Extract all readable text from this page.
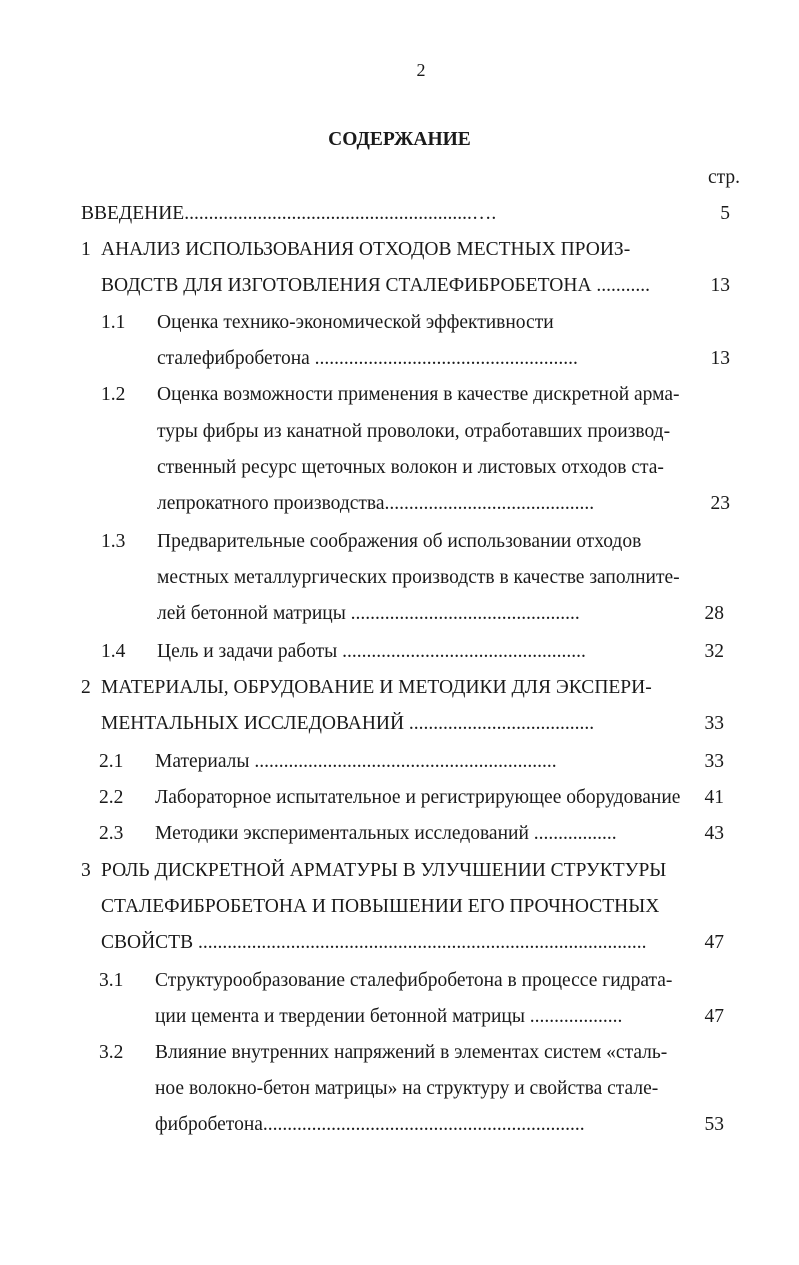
2
СОДЕРЖАНИЕ
стр.
ВВЕДЕНИЕ...........................................................….	5
1 АНАЛИЗ ИСПОЛЬЗОВАНИЯ ОТХОДОВ МЕСТНЫХ ПРОИЗ-
ВОДСТВ ДЛЯ ИЗГОТОВЛЕНИЯ СТАЛЕФИБРОБЕТОНА ...........	13
1.1 Оценка технико-экономической эффективности
сталефибробетона ......................................................	13
1.2 Оценка возможности применения в качестве дискретной арма-
туры фибры из канатной проволоки, отработавших производ-
ственный ресурс щеточных волокон и листовых отходов ста-
лепрокатного производства...........................................	23
1.3 Предварительные соображения об использовании отходов
местных металлургических производств в качестве заполните-
лей бетонной матрицы ...............................................	28
1.4 Цель и задачи работы ..................................................	32
2 МАТЕРИАЛЫ, ОБРУДОВАНИЕ И МЕТОДИКИ ДЛЯ ЭКСПЕРИ-
МЕНТАЛЬНЫХ ИССЛЕДОВАНИЙ ......................................	33
2.1 Материалы ..............................................................	33
2.2 Лабораторное испытательное и регистрирующее оборудование	41
2.3 Методики экспериментальных исследований .................	43
3 РОЛЬ ДИСКРЕТНОЙ АРМАТУРЫ В УЛУЧШЕНИИ СТРУКТУРЫ
СТАЛЕФИБРОБЕТОНА И ПОВЫШЕНИИ ЕГО ПРОЧНОСТНЫХ
СВОЙСТВ ............................................................................................	47
3.1 Структурообразование сталефибробетона в процессе гидрата-
ции цемента и твердении бетонной матрицы ...................	47
3.2 Влияние внутренних напряжений в элементах систем «сталь-
ное волокно-бетон матрицы» на структуру и свойства стале-
фибробетона..................................................................	53
